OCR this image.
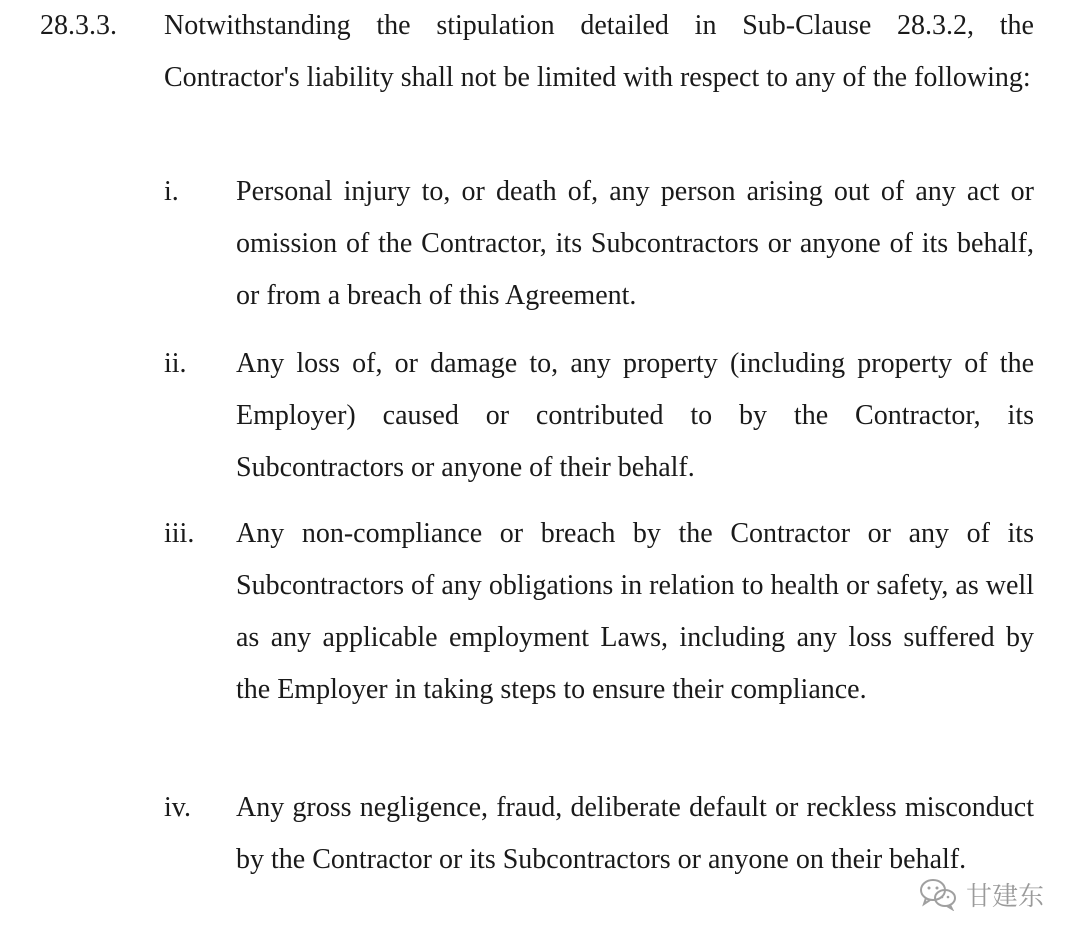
28.3.3. Notwithstanding the stipulation detailed in Sub-Clause 28.3.2, the Contractor's liability shall not be limited with respect to any of the following:
i. Personal injury to, or death of, any person arising out of any act or omission of the Contractor, its Subcontractors or anyone of its behalf, or from a breach of this Agreement.
ii. Any loss of, or damage to, any property (including property of the Employer) caused or contributed to by the Contractor, its Subcontractors or anyone of their behalf.
iii. Any non-compliance or breach by the Contractor or any of its Subcontractors of any obligations in relation to health or safety, as well as any applicable employment Laws, including any loss suffered by the Employer in taking steps to ensure their compliance.
iv. Any gross negligence, fraud, deliberate default or reckless misconduct by the Contractor or its Subcontractors or anyone on their behalf.
甘建东
